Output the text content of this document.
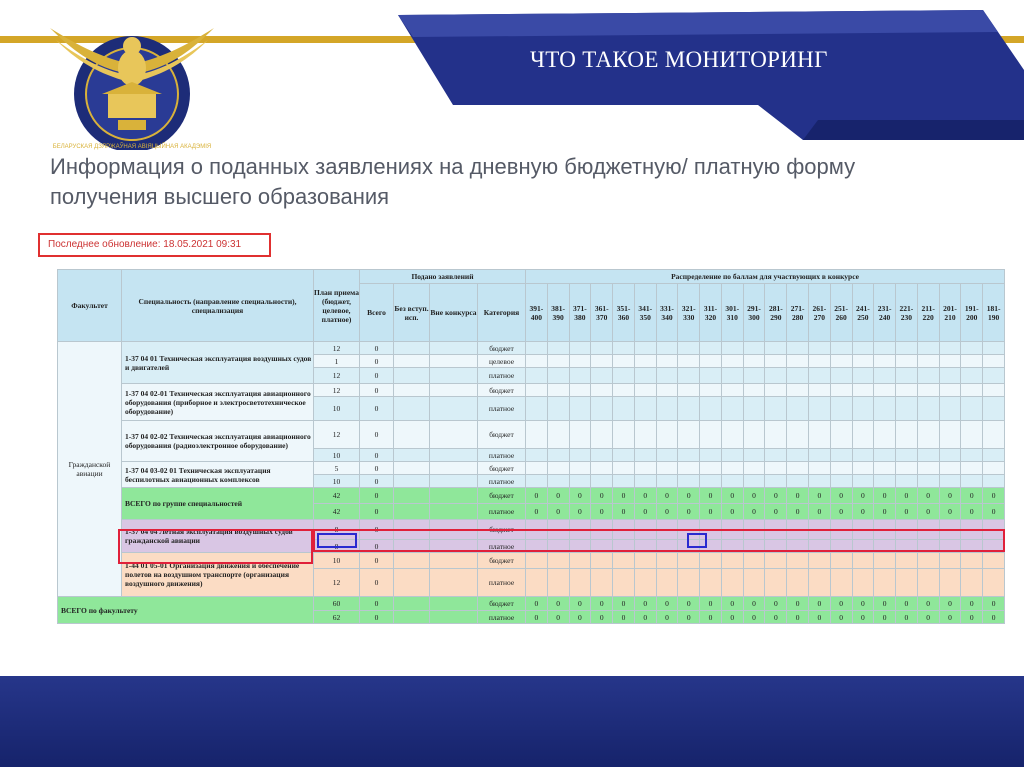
ЧТО ТАКОЕ МОНИТОРИНГ
БЕЛАРУСКАЯ ДЗЯРЖАЎНАЯ АВІЯЦЫЙНАЯ АКАДЭМІЯ
Информация о поданных заявлениях на дневную бюджетную/ платную форму
получения высшего образования
Последнее обновление: 18.05.2021 09:31
Факультет	Специальность (направление специальности), специализация	План приема (бюджет, целевое, платное)	Подано заявлений				Распределение по баллам для участвующих в конкурсе																					
			Всего	Без вступ. исп.	Вне конкурса	Категория	391-400	381-390	371-380	361-370	351-360	341-350	331-340	321-330	311-320	301-310	291-300	281-290	271-280	261-270	251-260	241-250	231-240	221-230	211-220	201-210	191-200	181-190
Гражданской авиации	1-37 04 01 Техническая эксплуатация воздушных судов и двигателей	12	0			бюджет																						
		1	0			целевое																						
		12	0			платное																						
	1-37 04 02-01 Техническая эксплуатация авиационного оборудования (приборное и электросветотехническое оборудование)	12	0			бюджет																						
		10	0			платное																						
	1-37 04 02-02 Техническая эксплуатация авиационного оборудования (радиоэлектронное оборудование)	12	0			бюджет																						
		10	0			платное																						
	1-37 04 03-02 01 Техническая эксплуатация беспилотных авиационных комплексов	5	0			бюджет																						
		10	0			платное																						
	ВСЕГО по группе специальностей	42	0			бюджет	0	0	0	0	0	0	0	0	0	0	0	0	0	0	0	0	0	0	0	0	0	0
		42	0			платное	0	0	0	0	0	0	0	0	0	0	0	0	0	0	0	0	0	0	0	0	0	0
	1-37 04 04 Летная эксплуатация воздушных судов гражданской авиации	8	0			бюджет																						
		8	0			платное																						
	1-44 01 05-01 Организация движения и обеспечение полетов на воздушном транспорте (организация воздушного движения)	10	0			бюджет																						
		12	0			платное																						
ВСЕГО по факультету		60	0			бюджет	0	0	0	0	0	0	0	0	0	0	0	0	0	0	0	0	0	0	0	0	0	0
		62	0			платное	0	0	0	0	0	0	0	0	0	0	0	0	0	0	0	0	0	0	0	0	0	0
